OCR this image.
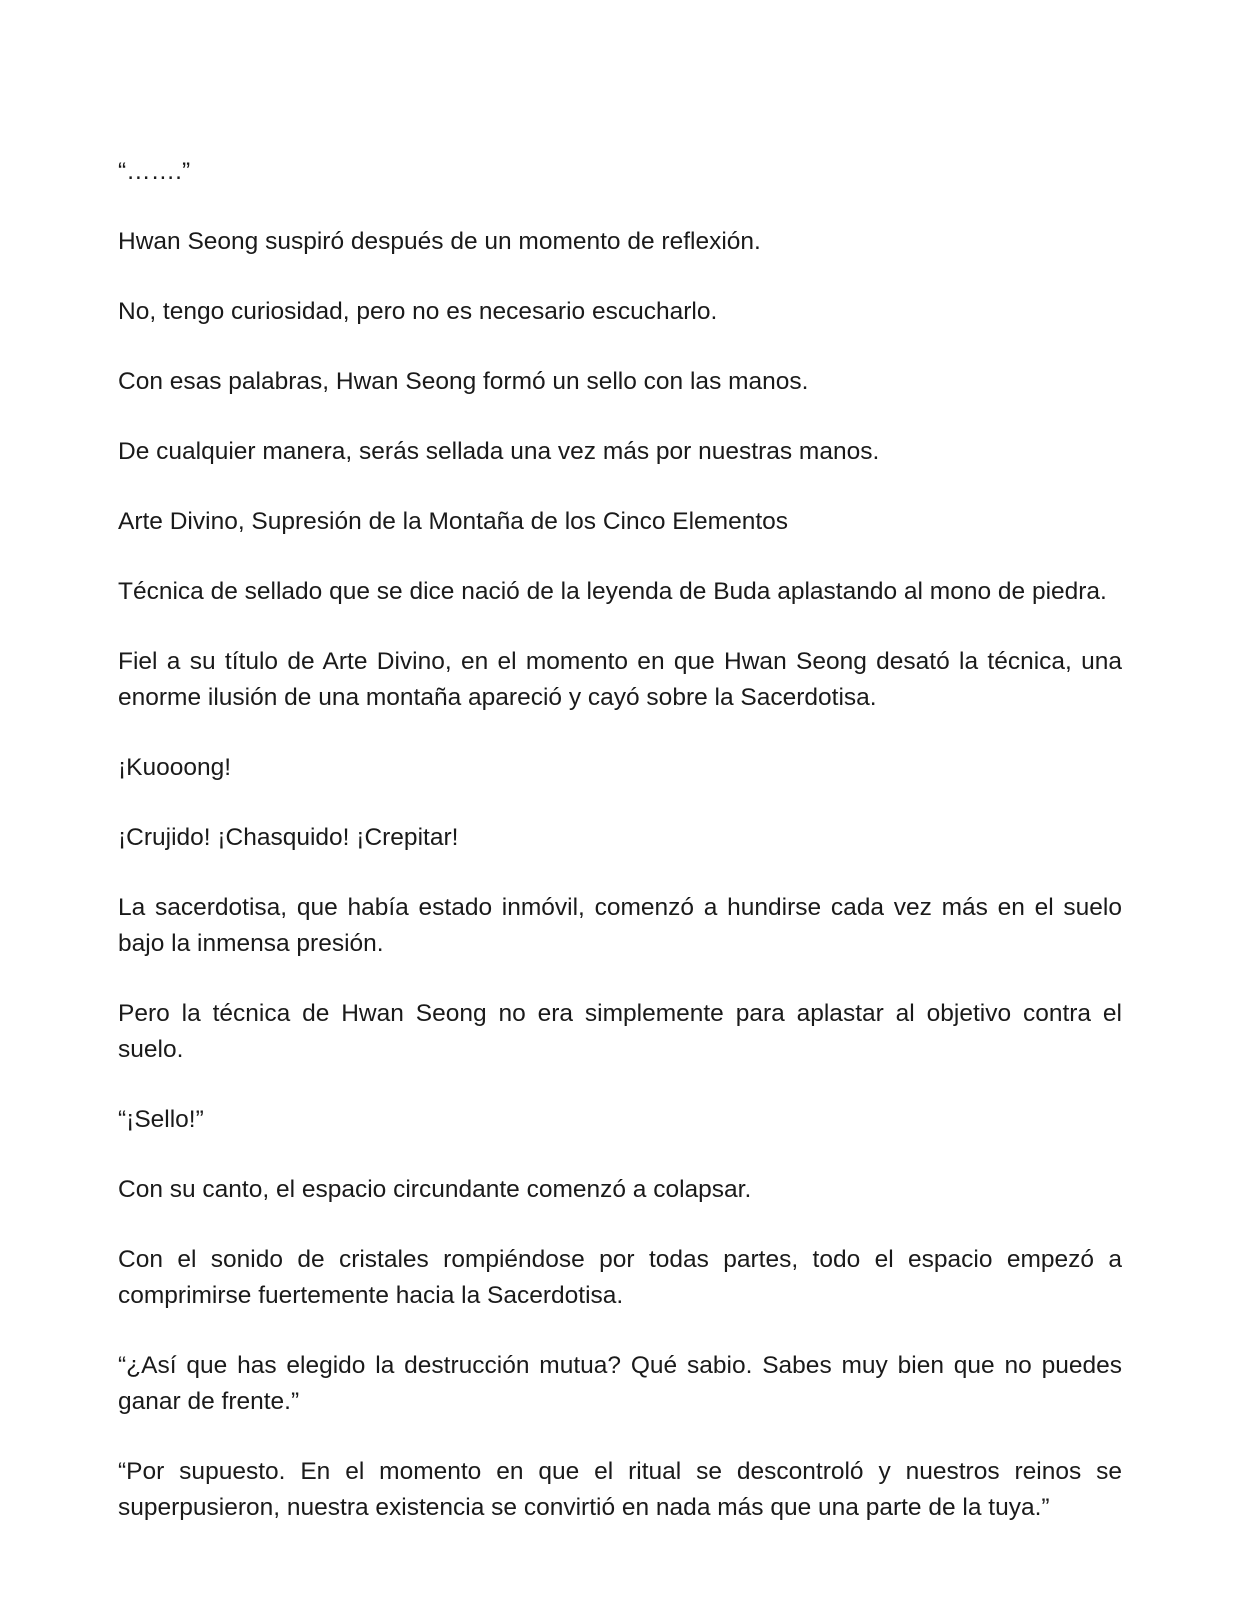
“…….”

Hwan Seong suspiró después de un momento de reflexión.

No, tengo curiosidad, pero no es necesario escucharlo.

Con esas palabras, Hwan Seong formó un sello con las manos.

De cualquier manera, serás sellada una vez más por nuestras manos.

Arte Divino, Supresión de la Montaña de los Cinco Elementos

Técnica de sellado que se dice nació de la leyenda de Buda aplastando al mono de piedra.

Fiel a su título de Arte Divino, en el momento en que Hwan Seong desató la técnica, una enorme ilusión de una montaña apareció y cayó sobre la Sacerdotisa.

¡Kuooong!

¡Crujido! ¡Chasquido! ¡Crepitar!

La sacerdotisa, que había estado inmóvil, comenzó a hundirse cada vez más en el suelo bajo la inmensa presión.

Pero la técnica de Hwan Seong no era simplemente para aplastar al objetivo contra el suelo.

“¡Sello!”

Con su canto, el espacio circundante comenzó a colapsar.

Con el sonido de cristales rompiéndose por todas partes, todo el espacio empezó a comprimirse fuertemente hacia la Sacerdotisa.

“¿Así que has elegido la destrucción mutua? Qué sabio. Sabes muy bien que no puedes ganar de frente.”

“Por supuesto. En el momento en que el ritual se descontroló y nuestros reinos se superpusieron, nuestra existencia se convirtió en nada más que una parte de la tuya.”
